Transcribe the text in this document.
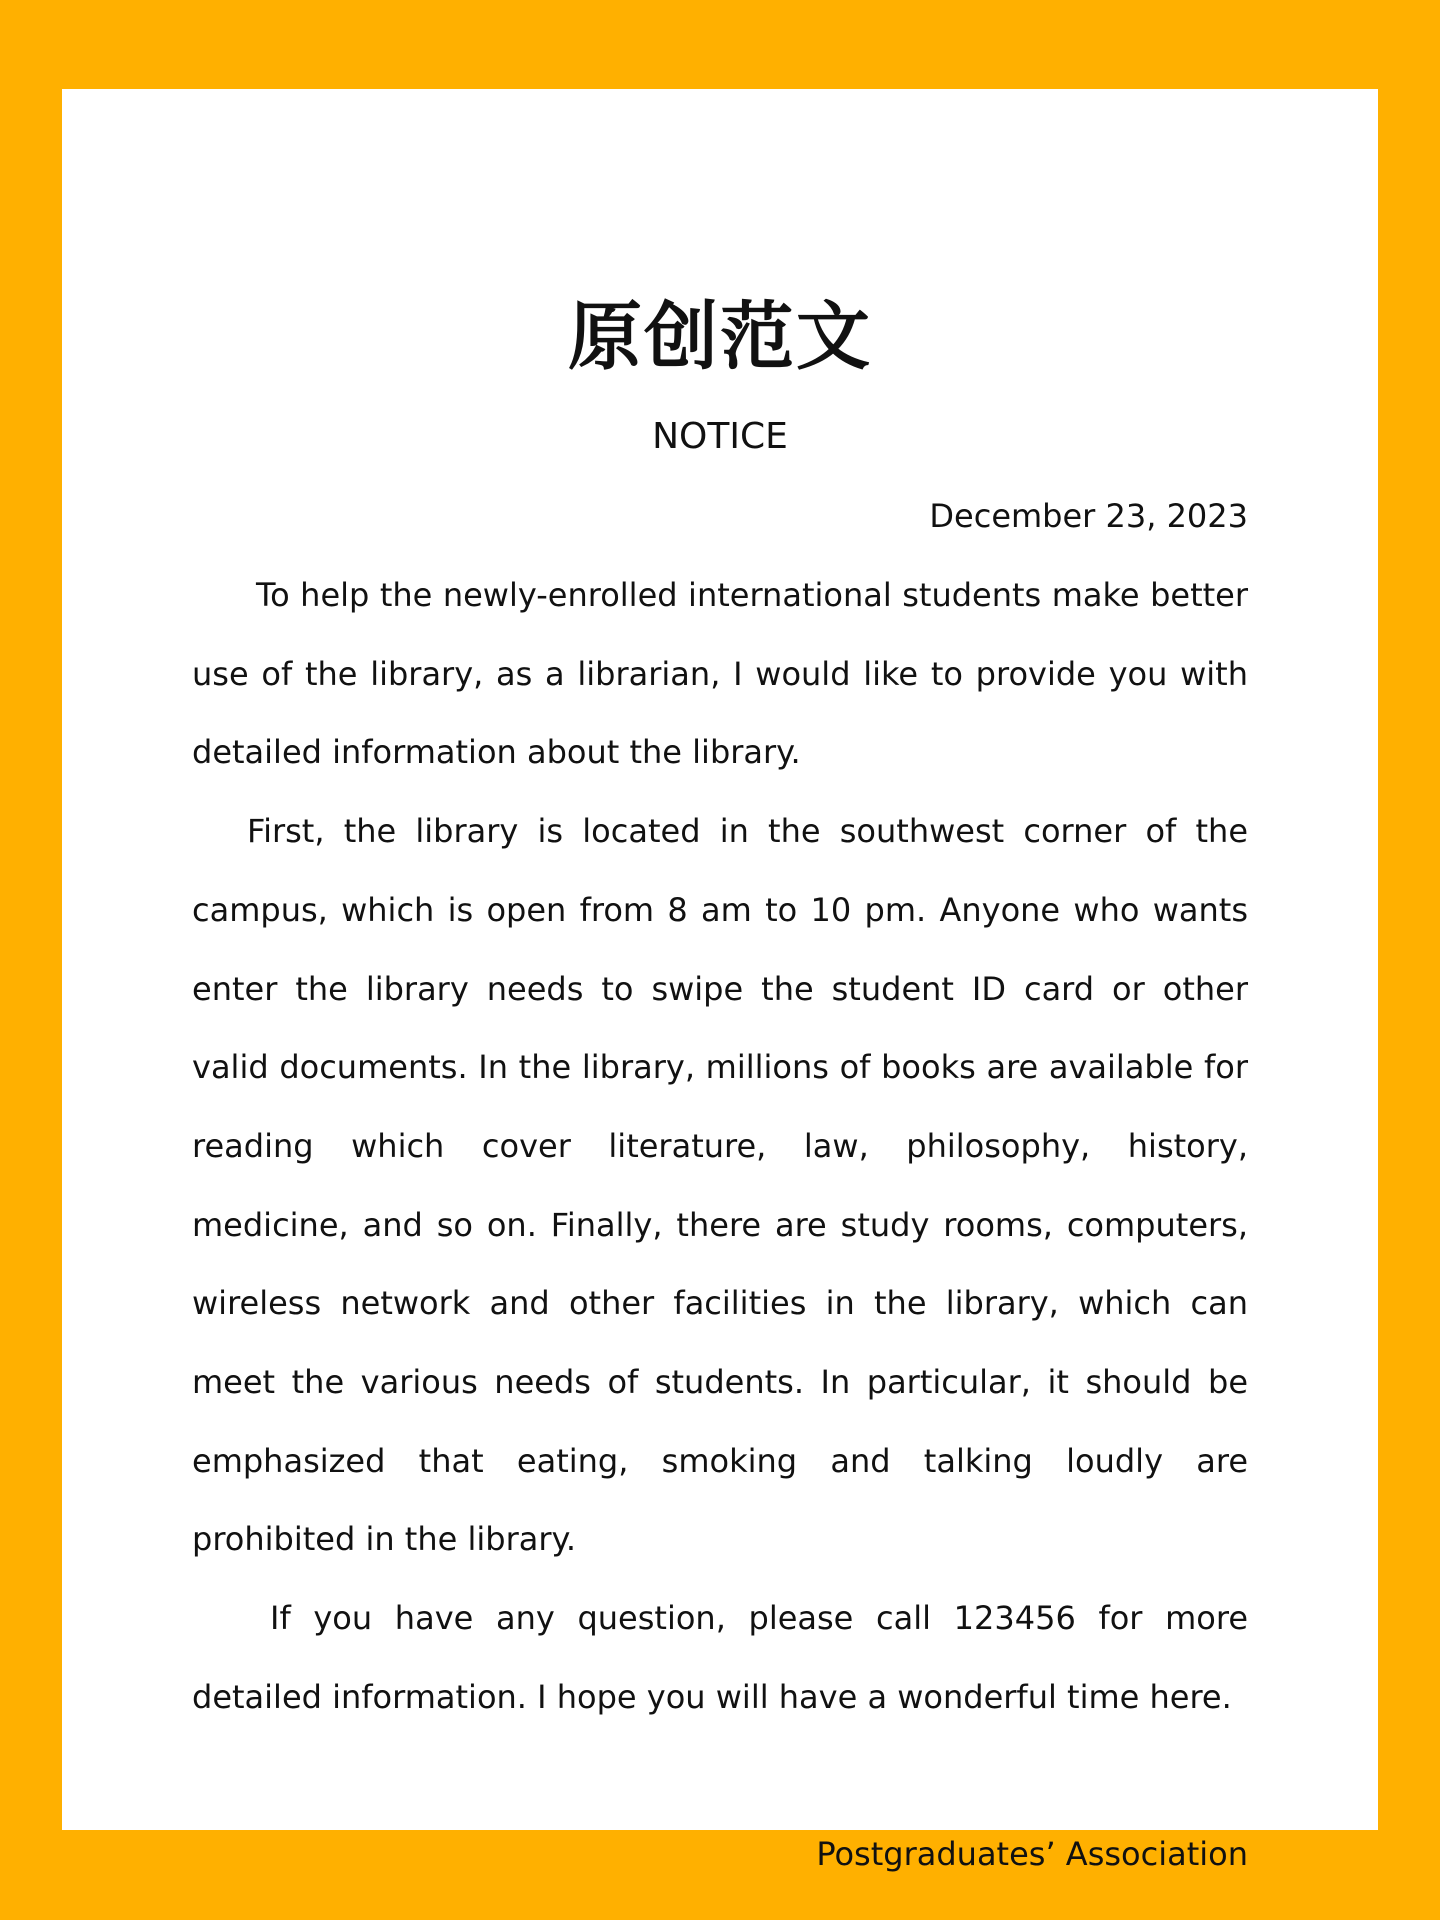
原创范文
NOTICE
December 23, 2023

To help the newly-enrolled international students make better use of the library, as a librarian, I would like to provide you with detailed information about the library.

First, the library is located in the southwest corner of the campus, which is open from 8 am to 10 pm. Anyone who wants enter the library needs to swipe the student ID card or other valid documents. In the library, millions of books are available for reading which cover literature, law, philosophy, history, medicine, and so on. Finally, there are study rooms, computers, wireless network and other facilities in the library, which can meet the various needs of students. In particular, it should be emphasized that eating, smoking and talking loudly are prohibited in the library.

If you have any question, please call 123456 for more detailed information. I hope you will have a wonderful time here.

Postgraduates’ Association
